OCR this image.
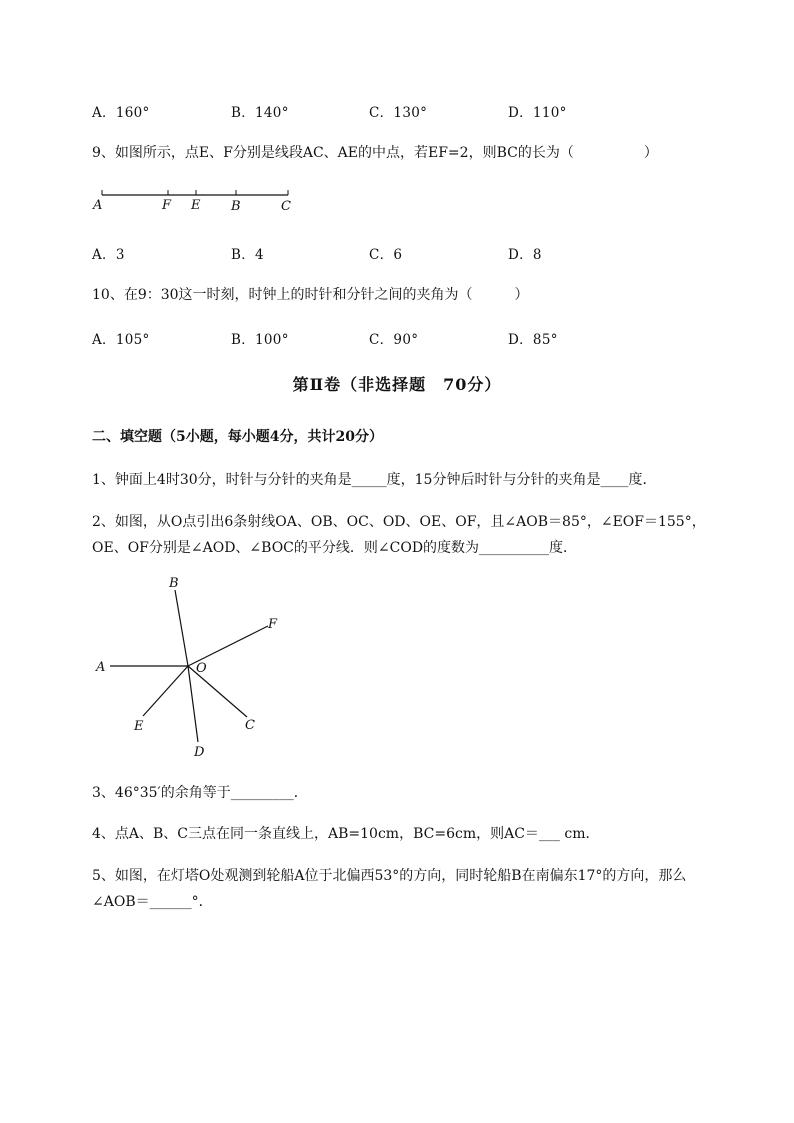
A．160°	B．140°	C．130°	D．110°
9、如图所示，点E、F分别是线段AC、AE的中点，若EF=2，则BC的长为（　　　　　）
A	F E B	C
A．3	B．4	C．6	D．8
10、在9：30这一时刻，时钟上的时针和分针之间的夹角为（　　　）
A．105°	B．100°	C．90°	D．85°
第Ⅱ卷（非选择题　70分）
二、填空题（5小题，每小题4分，共计20分）
1、钟面上4时30分，时针与分针的夹角是_____度，15分钟后时针与分针的夹角是____度．
2、如图，从O点引出6条射线OA、OB、OC、OD、OE、OF，且∠AOB＝85°，∠EOF＝155°，
OE、OF分别是∠AOD、∠BOC的平分线．则∠COD的度数为__________度．
B
F
A	O
E	C
D
3、46°35′的余角等于_________．
4、点A、B、C三点在同一条直线上，AB=10cm，BC=6cm，则AC＝___ cm．
5、如图，在灯塔O处观测到轮船A位于北偏西53°的方向，同时轮船B在南偏东17°的方向，那么
∠AOB＝______°．
